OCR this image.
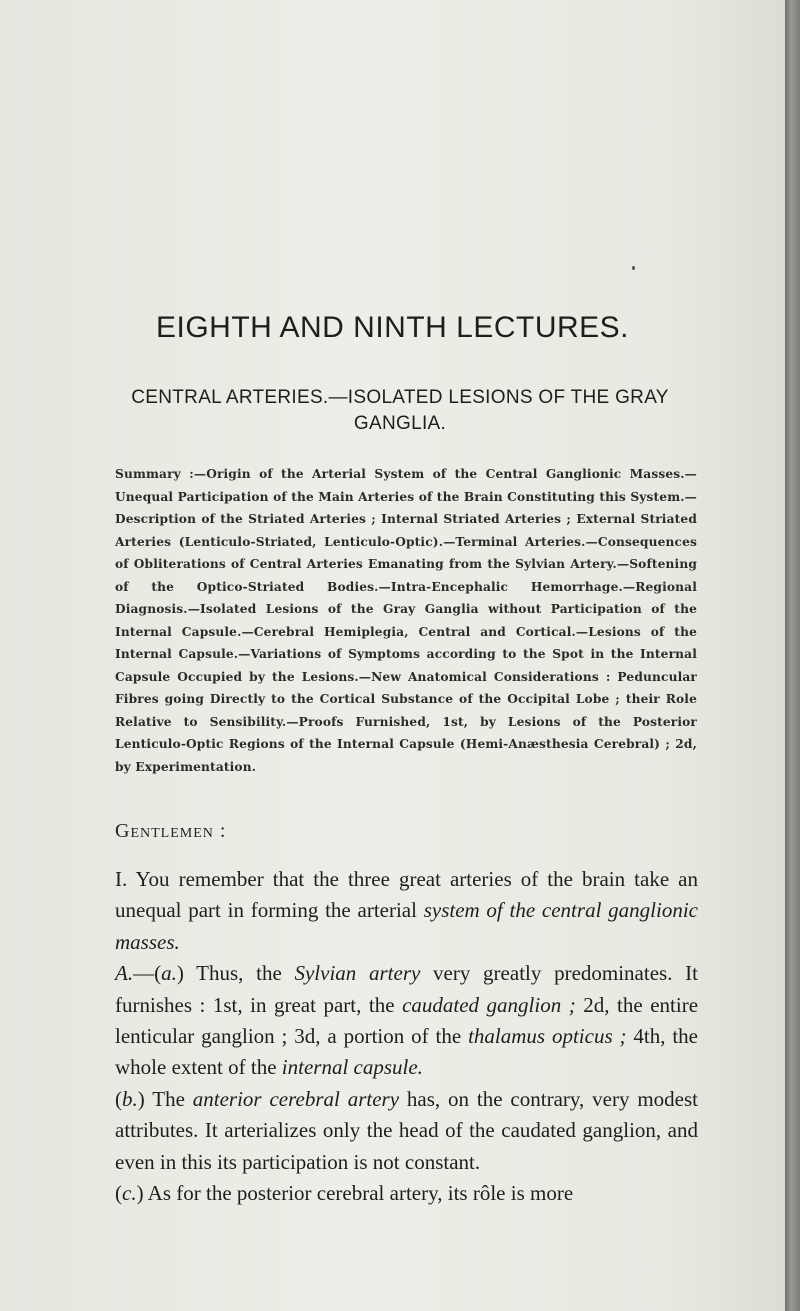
EIGHTH AND NINTH LECTURES.
CENTRAL ARTERIES.—ISOLATED LESIONS OF THE GRAY GANGLIA.

Summary :—Origin of the Arterial System of the Central Ganglionic Masses.—Unequal Participation of the Main Arteries of the Brain Constituting this System.—Description of the Striated Arteries ; Internal Striated Arteries ; External Striated Arteries (Lenticulo-Striated, Lenticulo-Optic).—Terminal Arteries.—Consequences of Obliterations of Central Arteries Emanating from the Sylvian Artery.—Softening of the Optico-Striated Bodies.—Intra-Encephalic Hemorrhage.—Regional Diagnosis.—Isolated Lesions of the Gray Ganglia without Participation of the Internal Capsule.—Cerebral Hemiplegia, Central and Cortical.—Lesions of the Internal Capsule.—Variations of Symptoms according to the Spot in the Internal Capsule Occupied by the Lesions.—New Anatomical Considerations : Peduncular Fibres going Directly to the Cortical Substance of the Occipital Lobe ; their Role Relative to Sensibility.—Proofs Furnished, 1st, by Lesions of the Posterior Lenticulo-Optic Regions of the Internal Capsule (Hemi-Anæsthesia Cerebral) ; 2d, by Experimentation.

Gentlemen :

I. You remember that the three great arteries of the brain take an unequal part in forming the arterial system of the central ganglionic masses.

A.—(a.) Thus, the Sylvian artery very greatly predominates. It furnishes : 1st, in great part, the caudated ganglion ; 2d, the entire lenticular ganglion ; 3d, a portion of the thalamus opticus ; 4th, the whole extent of the internal capsule.

(b.) The anterior cerebral artery has, on the contrary, very modest attributes. It arterializes only the head of the caudated ganglion, and even in this its participation is not constant.

(c.) As for the posterior cerebral artery, its rôle is more
